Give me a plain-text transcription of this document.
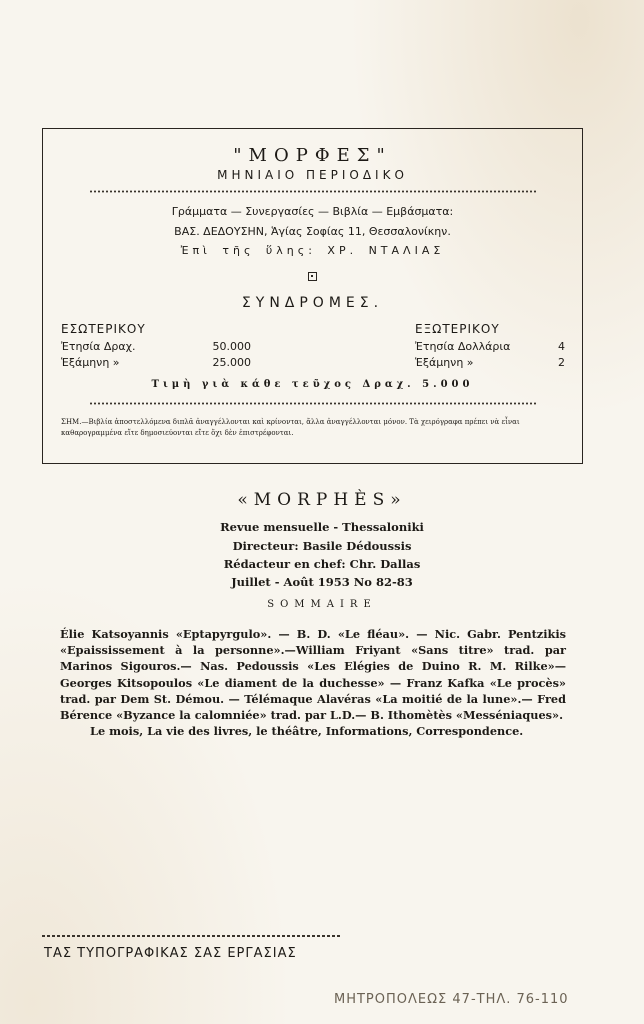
"ΜΟΡΦΕΣ"
ΜΗΝΙΑΙΟ ΠΕΡΙΟΔΙΚΟ
Γράμματα — Συνεργασίες — Βιβλία — Εμβάσματα:
ΒΑΣ. ΔΕΔΟΥΣΗΝ, Ἁγίας Σοφίας 11, Θεσσαλονίκην.
Ἐπὶ τῆς ὕλης: ΧΡ. ΝΤΑΛΙΑΣ
ΣΥΝΔΡΟΜΕΣ.
ΕΣΩΤΕΡΙΚΟΥ
Ἐτησία Δραχ.	50.000
Ἑξάμηνη »	25.000
ΕΞΩΤΕΡΙΚΟΥ
Ἐτησία Δολλάρια	4
Ἑξάμηνη »	2
Τιμὴ γιὰ κάθε τεῦχος Δραχ. 5.000
ΣΗΜ.—Βιβλία ἀποστελλόμενα διπλᾶ ἀναγγέλλονται καὶ κρίνονται, ἄλλα ἀναγγέλλονται μόνον. Τὰ χειρόγραφα πρέπει νὰ εἶναι καθαρογραμμένα εἴτε δημοσιεύονται εἴτε ὄχι δὲν ἐπιστρέφονται.
«MORPHÈS»
Revue mensuelle - Thessaloniki
Directeur: Basile Dédoussis
Rédacteur en chef: Chr. Dallas
Juillet - Août 1953 No 82-83
SOMMAIRE

Élie Katsoyannis «Eptapyrgulo». — B. D. «Le fléau». — Nic. Gabr. Pentzikis «Epaississement à la personne».—William Friyant «Sans titre» trad. par Marinos Sigouros.— Nas. Pedoussis «Les Elégies de Duino R. M. Rilke»— Georges Kitsopoulos «Le diament de la duchesse» — Franz Kafka «Le procès» trad. par Dem St. Démou. — Télémaque Alavéras «La moitié de la lune».— Fred Bérence «Byzance la calomniée» trad. par L.D.— B. Ithomètès «Messéniaques».

Le mois, La vie des livres, le théâtre, Informations, Correspondence.

ΤΑΣ ΤΥΠΟΓΡΑΦΙΚΑΣ ΣΑΣ ΕΡΓΑΣΙΑΣ
ΜΗΤΡΟΠΟΛΕΩΣ 47-ΤΗΛ. 76-110
